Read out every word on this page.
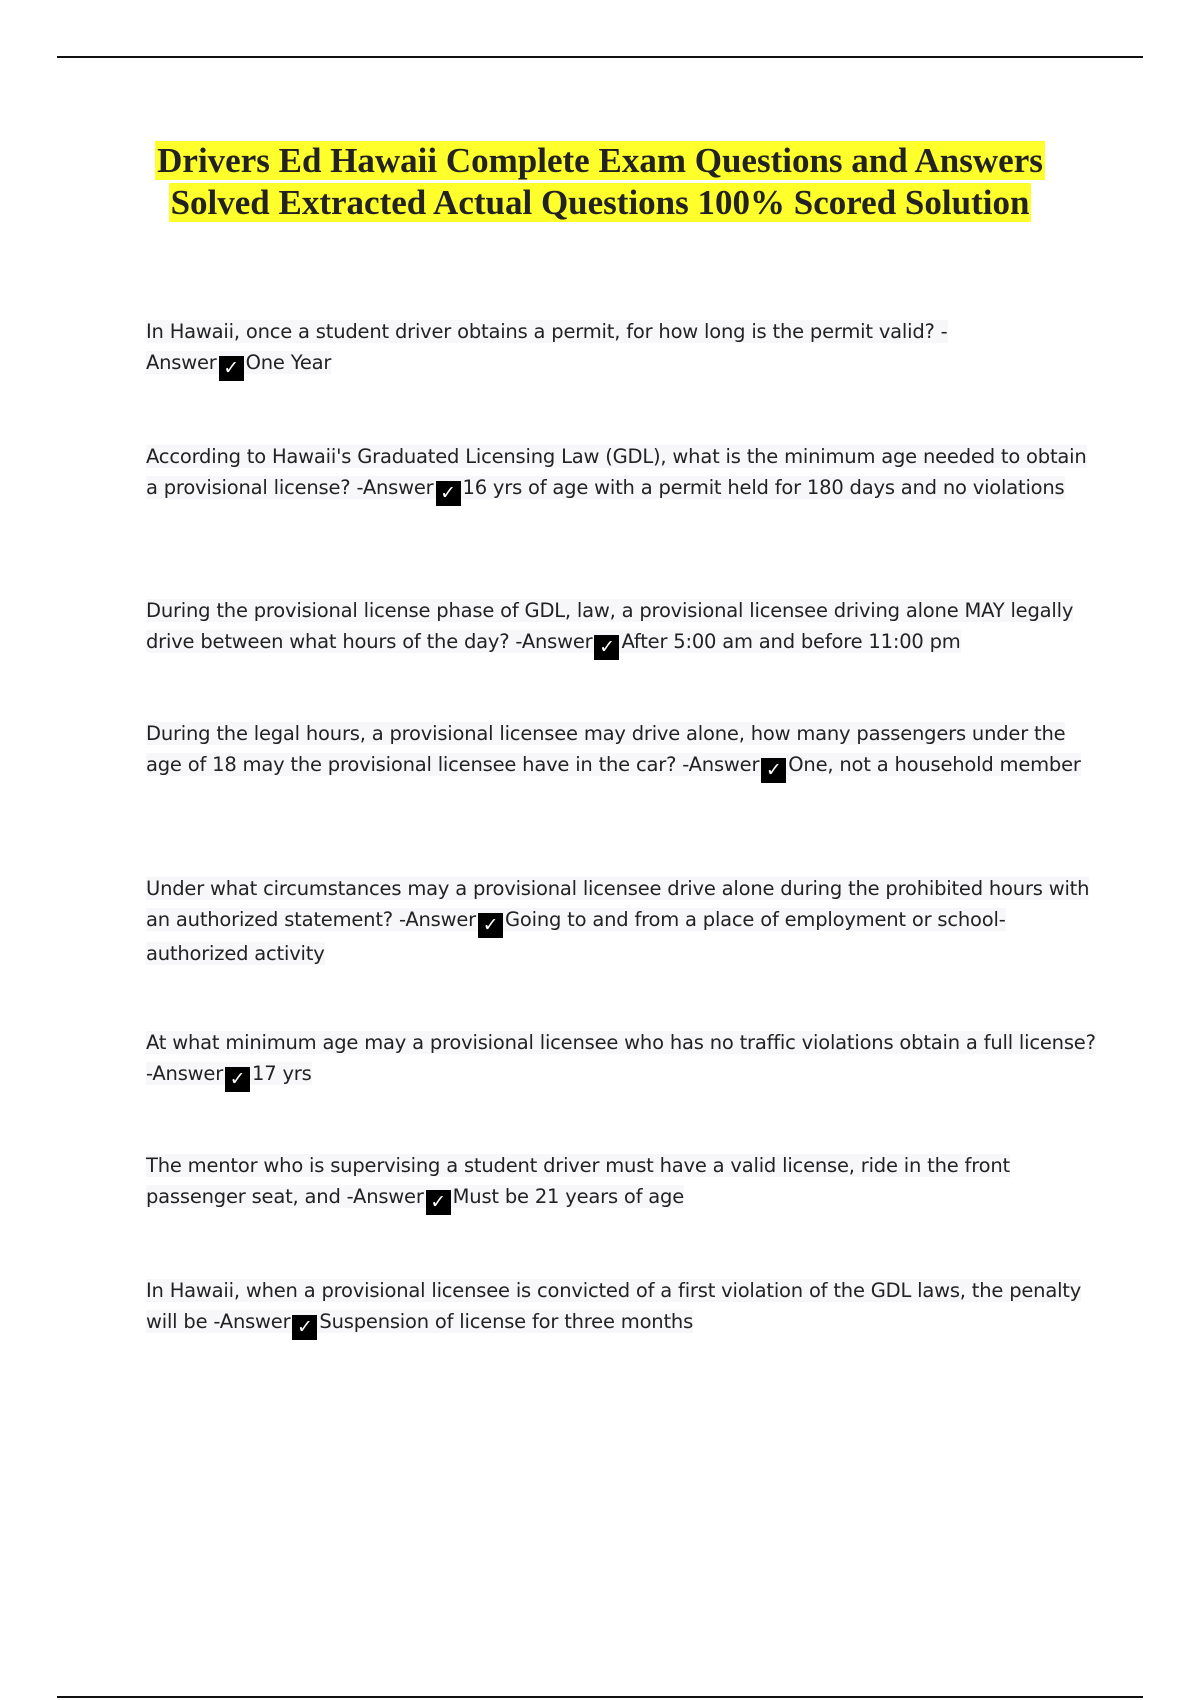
Drivers Ed Hawaii Complete Exam Questions and Answers Solved Extracted Actual Questions 100% Scored Solution

In Hawaii, once a student driver obtains a permit, for how long is the permit valid? -
Answer ✓ One Year

According to Hawaii's Graduated Licensing Law (GDL), what is the minimum age needed to obtain a provisional license? -Answer ✓ 16 yrs of age with a permit held for 180 days and no violations

During the provisional license phase of GDL, law, a provisional licensee driving alone MAY legally drive between what hours of the day? -Answer ✓ After 5:00 am and before 11:00 pm

During the legal hours, a provisional licensee may drive alone, how many passengers under the age of 18 may the provisional licensee have in the car? -Answer ✓ One, not a household member

Under what circumstances may a provisional licensee drive alone during the prohibited hours with an authorized statement? -Answer ✓ Going to and from a place of employment or school-authorized activity

At what minimum age may a provisional licensee who has no traffic violations obtain a full license? -Answer ✓ 17 yrs

The mentor who is supervising a student driver must have a valid license, ride in the front passenger seat, and -Answer ✓ Must be 21 years of age

In Hawaii, when a provisional licensee is convicted of a first violation of the GDL laws, the penalty will be -Answer ✓ Suspension of license for three months
